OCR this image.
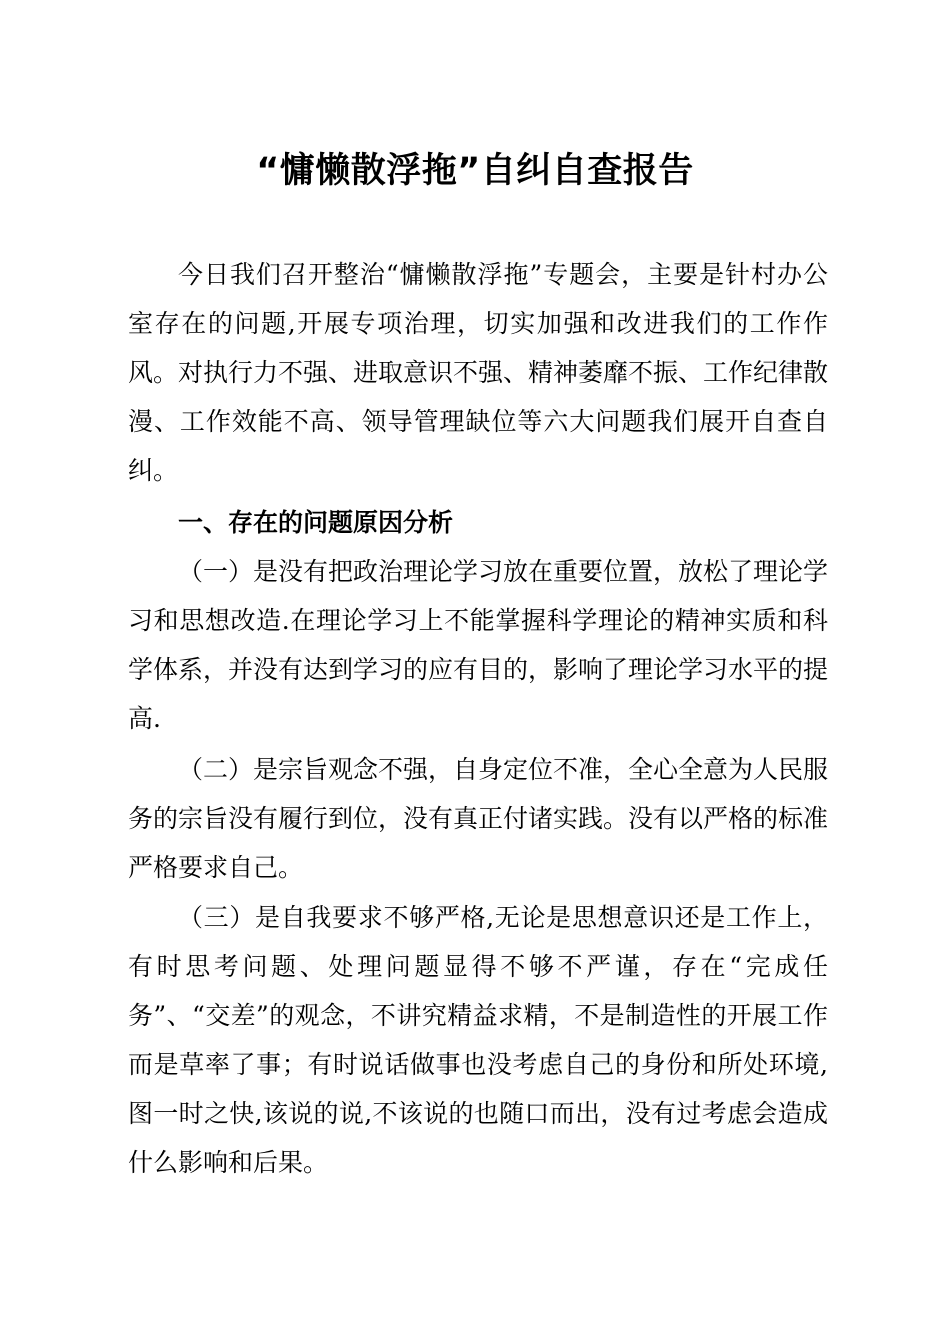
“慵懒散浮拖”自纠自查报告

今日我们召开整治“慵懒散浮拖”专题会，主要是针村办公室存在的问题,开展专项治理，切实加强和改进我们的工作作风。对执行力不强、进取意识不强、精神萎靡不振、工作纪律散漫、工作效能不高、领导管理缺位等六大问题我们展开自查自纠。

一、存在的问题原因分析

（一）是没有把政治理论学习放在重要位置，放松了理论学习和思想改造.在理论学习上不能掌握科学理论的精神实质和科学体系，并没有达到学习的应有目的，影响了理论学习水平的提高.

（二）是宗旨观念不强，自身定位不准，全心全意为人民服务的宗旨没有履行到位，没有真正付诸实践。没有以严格的标准严格要求自己。

（三）是自我要求不够严格,无论是思想意识还是工作上，有时思考问题、处理问题显得不够不严谨，存在“完成任务”、“交差”的观念，不讲究精益求精，不是制造性的开展工作而是草率了事；有时说话做事也没考虑自己的身份和所处环境,图一时之快,该说的说,不该说的也随口而出，没有过考虑会造成什么影响和后果。
